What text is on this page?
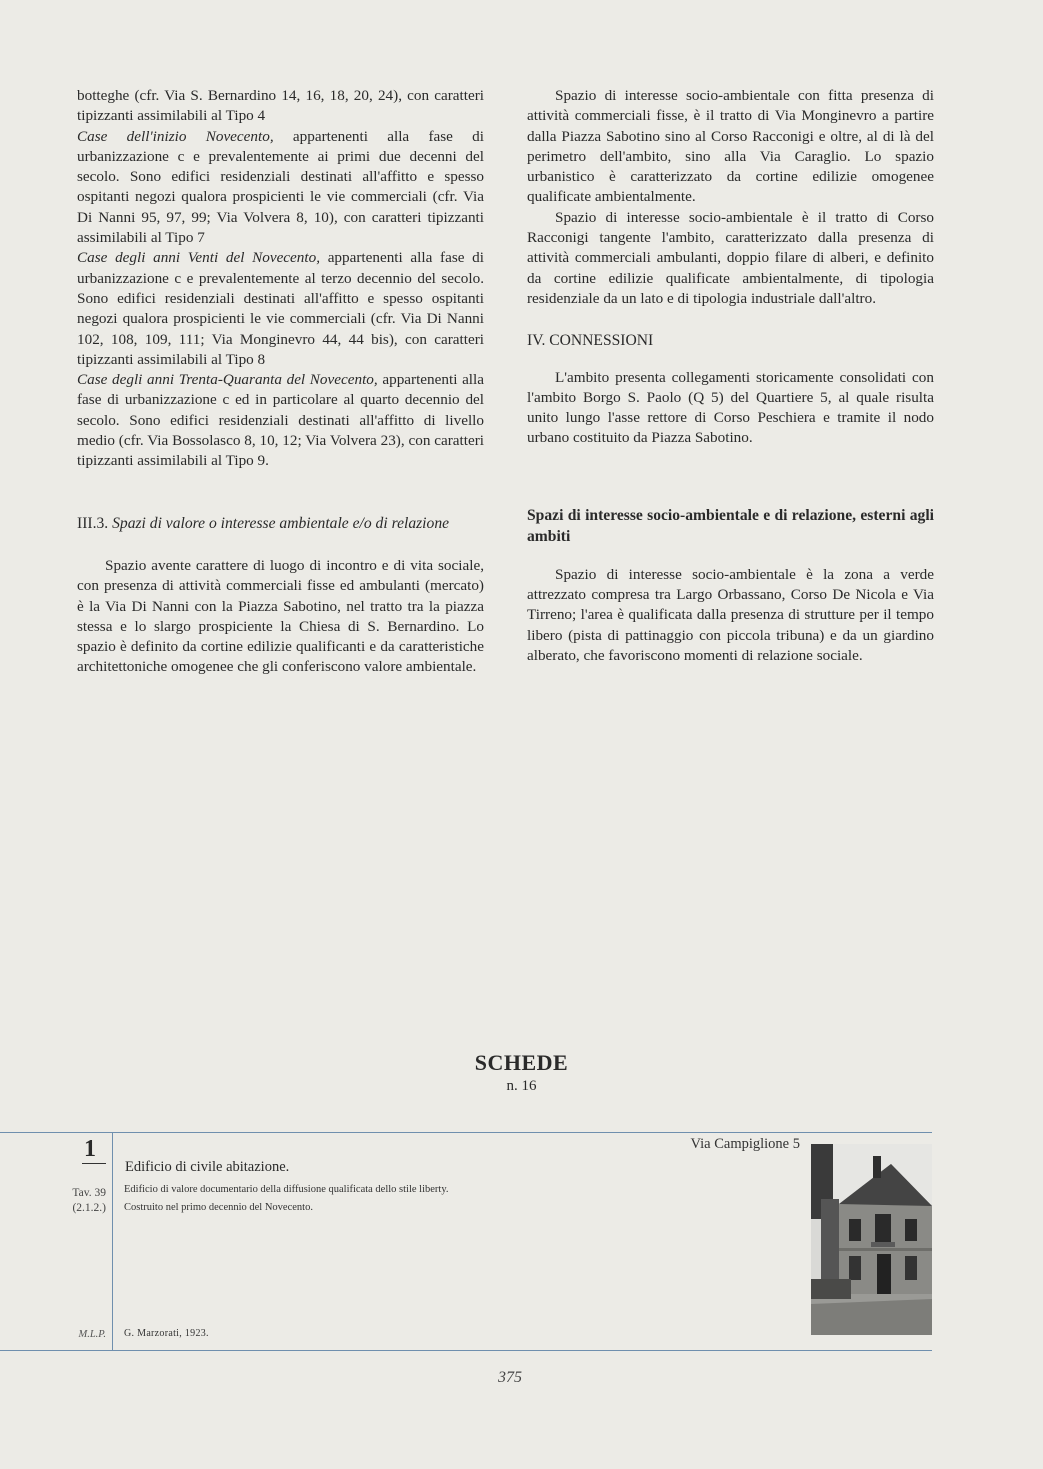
botteghe (cfr. Via S. Bernardino 14, 16, 18, 20, 24), con caratteri tipizzanti assimilabili al Tipo 4

Case dell'inizio Novecento, appartenenti alla fase di urbanizzazione c e prevalentemente ai primi due decenni del secolo. Sono edifici residenziali destinati all'affitto e spesso ospitanti negozi qualora prospicienti le vie commerciali (cfr. Via Di Nanni 95, 97, 99; Via Volvera 8, 10), con caratteri tipizzanti assimilabili al Tipo 7

Case degli anni Venti del Novecento, appartenenti alla fase di urbanizzazione c e prevalentemente al terzo decennio del secolo. Sono edifici residenziali destinati all'affitto e spesso ospitanti negozi qualora prospicienti le vie commerciali (cfr. Via Di Nanni 102, 108, 109, 111; Via Monginevro 44, 44 bis), con caratteri tipizzanti assimilabili al Tipo 8

Case degli anni Trenta-Quaranta del Novecento, appartenenti alla fase di urbanizzazione c ed in particolare al quarto decennio del secolo. Sono edifici residenziali destinati all'affitto di livello medio (cfr. Via Bossolasco 8, 10, 12; Via Volvera 23), con caratteri tipizzanti assimilabili al Tipo 9.

III.3. Spazi di valore o interesse ambientale e/o di relazione

Spazio avente carattere di luogo di incontro e di vita sociale, con presenza di attività commerciali fisse ed ambulanti (mercato) è la Via Di Nanni con la Piazza Sabotino, nel tratto tra la piazza stessa e lo slargo prospiciente la Chiesa di S. Bernardino. Lo spazio è definito da cortine edilizie qualificanti e da caratteristiche architettoniche omogenee che gli conferiscono valore ambientale.

Spazio di interesse socio-ambientale con fitta presenza di attività commerciali fisse, è il tratto di Via Monginevro a partire dalla Piazza Sabotino sino al Corso Racconigi e oltre, al di là del perimetro dell'ambito, sino alla Via Caraglio. Lo spazio urbanistico è caratterizzato da cortine edilizie omogenee qualificate ambientalmente.

Spazio di interesse socio-ambientale è il tratto di Corso Racconigi tangente l'ambito, caratterizzato dalla presenza di attività commerciali ambulanti, doppio filare di alberi, e definito da cortine edilizie qualificate ambientalmente, di tipologia residenziale da un lato e di tipologia industriale dall'altro.

IV. CONNESSIONI

L'ambito presenta collegamenti storicamente consolidati con l'ambito Borgo S. Paolo (Q 5) del Quartiere 5, al quale risulta unito lungo l'asse rettore di Corso Peschiera e tramite il nodo urbano costituito da Piazza Sabotino.

Spazi di interesse socio-ambientale e di relazione, esterni agli ambiti

Spazio di interesse socio-ambientale è la zona a verde attrezzato compresa tra Largo Orbassano, Corso De Nicola e Via Tirreno; l'area è qualificata dalla presenza di strutture per il tempo libero (pista di pattinaggio con piccola tribuna) e da un giardino alberato, che favoriscono momenti di relazione sociale.

SCHEDE
n. 16
1
Tav. 39
(2.1.2.)
M.L.P.
Via Campiglione 5
Edificio di civile abitazione.
Edificio di valore documentario della diffusione qualificata dello stile liberty.
Costruito nel primo decennio del Novecento.
G. Marzorati, 1923.
375
